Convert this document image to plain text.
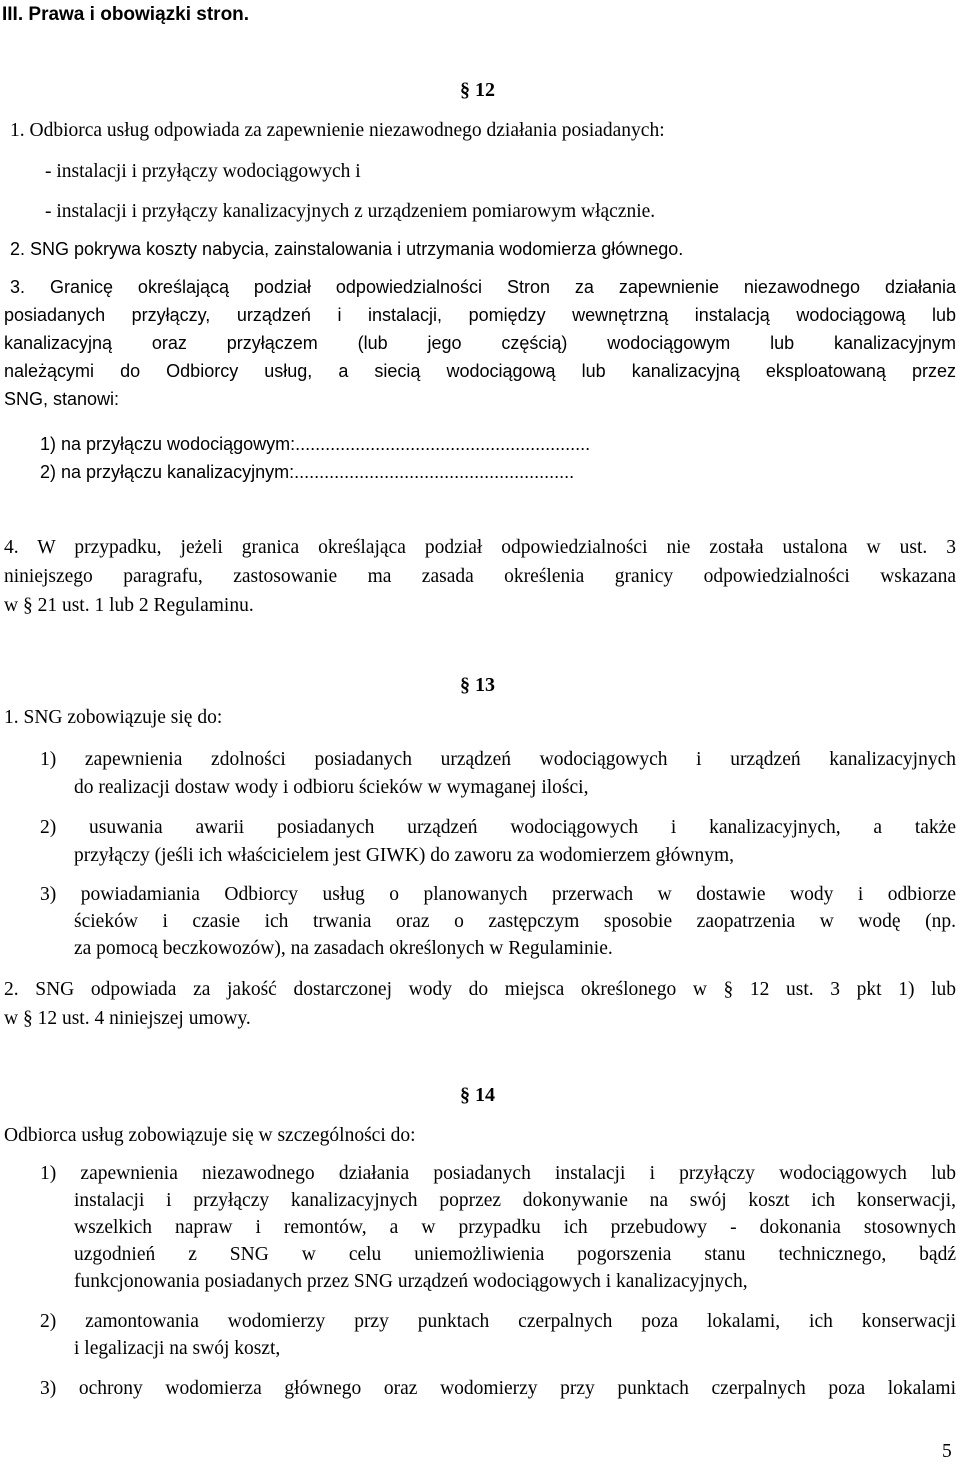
III. Prawa i obowiązki stron.
§ 12
1. Odbiorca usług odpowiada za zapewnienie niezawodnego działania posiadanych:
- instalacji i przyłączy wodociągowych i
- instalacji i przyłączy kanalizacyjnych z urządzeniem pomiarowym włącznie.
2. SNG pokrywa koszty nabycia, zainstalowania i utrzymania wodomierza głównego.
3. Granicę określającą podział odpowiedzialności Stron za zapewnienie niezawodnego działania
posiadanych przyłączy, urządzeń i instalacji, pomiędzy wewnętrzną instalacją wodociągową lub
kanalizacyjną oraz przyłączem (lub jego częścią) wodociągowym lub kanalizacyjnym
należącymi do Odbiorcy usług, a siecią wodociągową lub kanalizacyjną eksploatowaną przez
SNG, stanowi:
1) na przyłączu wodociągowym:...........................................................
2) na przyłączu kanalizacyjnym:........................................................
4. W przypadku, jeżeli granica określająca podział odpowiedzialności nie została ustalona w ust. 3
niniejszego paragrafu, zastosowanie ma zasada określenia granicy odpowiedzialności wskazana
w § 21 ust. 1 lub 2 Regulaminu.
§ 13
1. SNG zobowiązuje się do:
1) zapewnienia zdolności posiadanych urządzeń wodociągowych i urządzeń kanalizacyjnych
do realizacji dostaw wody i odbioru ścieków w wymaganej ilości,
2) usuwania awarii posiadanych urządzeń wodociągowych i kanalizacyjnych, a także
przyłączy (jeśli ich właścicielem jest GIWK) do zaworu za wodomierzem głównym,
3) powiadamiania Odbiorcy usług o planowanych przerwach w dostawie wody i odbiorze
ścieków i czasie ich trwania oraz o zastępczym sposobie zaopatrzenia w wodę (np.
za pomocą beczkowozów), na zasadach określonych w Regulaminie.
2. SNG odpowiada za jakość dostarczonej wody do miejsca określonego w § 12 ust. 3 pkt 1) lub
w § 12 ust. 4 niniejszej umowy.
§ 14
Odbiorca usług zobowiązuje się w szczególności do:
1) zapewnienia niezawodnego działania posiadanych instalacji i przyłączy wodociągowych lub
instalacji i przyłączy kanalizacyjnych poprzez dokonywanie na swój koszt ich konserwacji,
wszelkich napraw i remontów, a w przypadku ich przebudowy - dokonania stosownych
uzgodnień z SNG w celu uniemożliwienia pogorszenia stanu technicznego, bądź
funkcjonowania posiadanych przez SNG urządzeń wodociągowych i kanalizacyjnych,
2) zamontowania wodomierzy przy punktach czerpalnych poza lokalami, ich konserwacji
i legalizacji na swój koszt,
3) ochrony wodomierza głównego oraz wodomierzy przy punktach czerpalnych poza lokalami
5
